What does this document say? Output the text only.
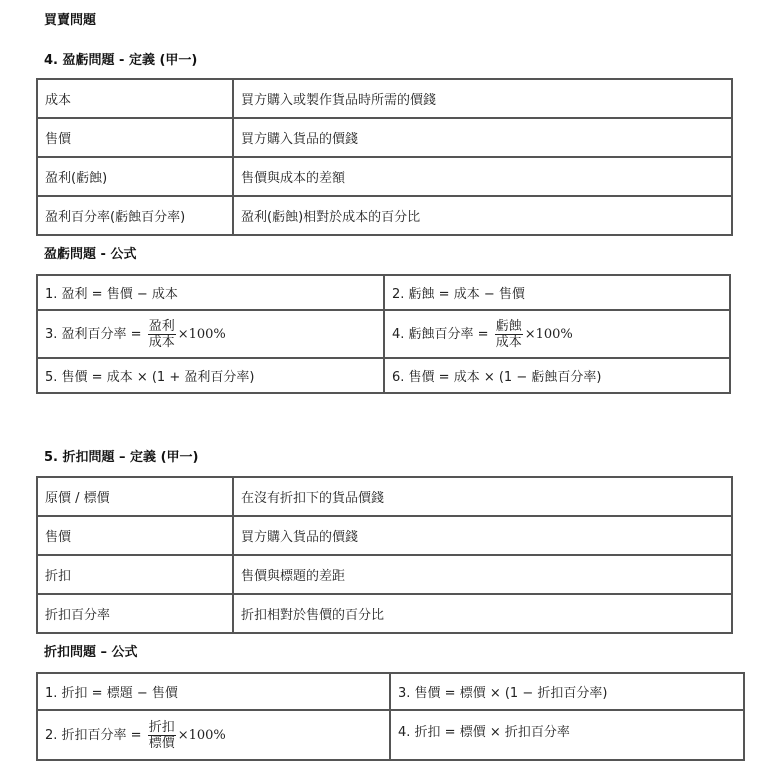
買賣問題
4. 盈虧問題 - 定義 (甲一)
成本	買方購入或製作貨品時所需的價錢
售價	買方購入貨品的價錢
盈利(虧蝕)	售價與成本的差額
盈利百分率(虧蝕百分率)	盈利(虧蝕)相對於成本的百分比
盈虧問題 - 公式
1. 盈利 = 售價 − 成本	2. 虧蝕 = 成本 − 售價
3. 盈利百分率 = $\frac{\text{盈利}}{\text{成本}} \times 100\%$	4. 虧蝕百分率 = $\frac{\text{虧蝕}}{\text{成本}} \times 100\%$
5. 售價 = 成本 × (1 + 盈利百分率)	6. 售價 = 成本 × (1 − 虧蝕百分率)
5. 折扣問題 – 定義 (甲一)
原價 / 標價	在沒有折扣下的貨品價錢
售價	買方購入貨品的價錢
折扣	售價與標題的差距
折扣百分率	折扣相對於售價的百分比
折扣問題 – 公式
1. 折扣 = 標題 − 售價	3. 售價 = 標價 × (1 − 折扣百分率)
2. 折扣百分率 = $\frac{\text{折扣}}{\text{標價}} \times 100\%$	4. 折扣 = 標價 × 折扣百分率
